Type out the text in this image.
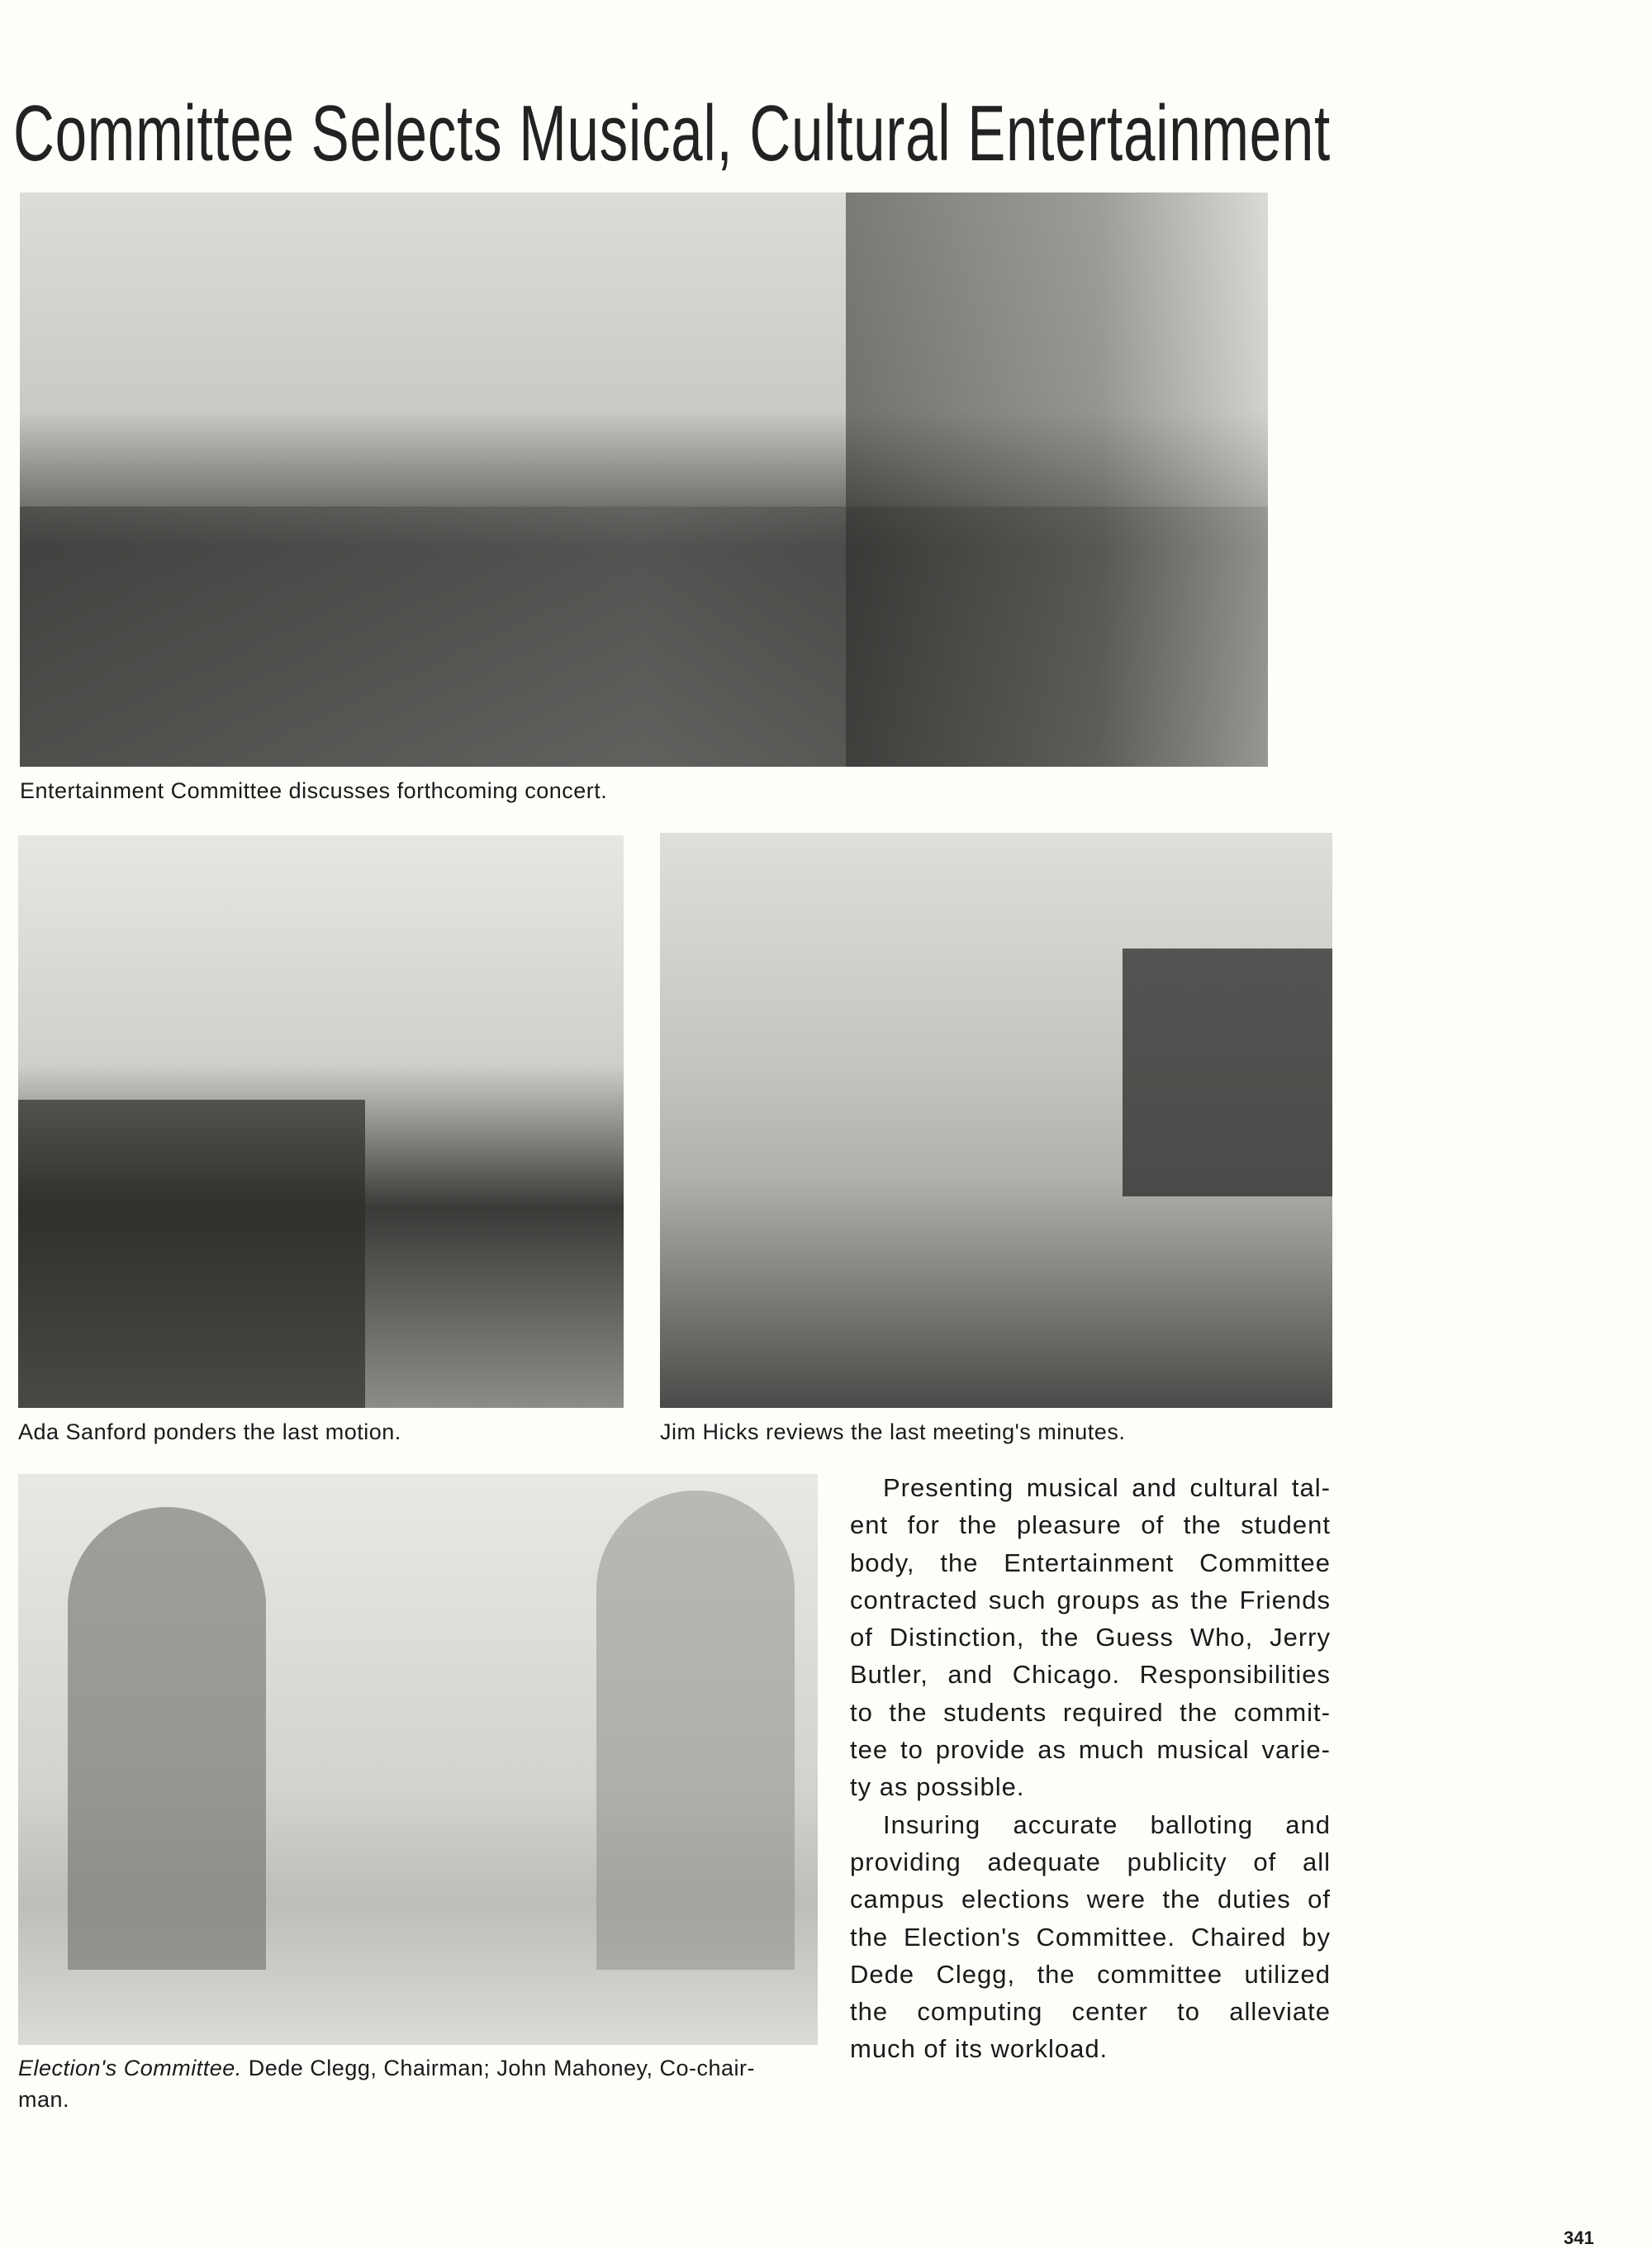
Committee Selects Musical, Cultural Entertainment
Entertainment Committee discusses forthcoming concert.
Ada Sanford ponders the last motion.	Jim Hicks reviews the last meeting's minutes.
Election's Committee. Dede Clegg, Chairman; John Mahoney, Co-chair-
man.
Presenting musical and cultural tal-
ent for the pleasure of the student
body, the Entertainment Committee
contracted such groups as the Friends
of Distinction, the Guess Who, Jerry
Butler, and Chicago. Responsibilities
to the students required the commit-
tee to provide as much musical varie-
ty as possible.
Insuring accurate balloting and
providing adequate publicity of all
campus elections were the duties of
the Election's Committee. Chaired by
Dede Clegg, the committee utilized
the computing center to alleviate
much of its workload.
341
